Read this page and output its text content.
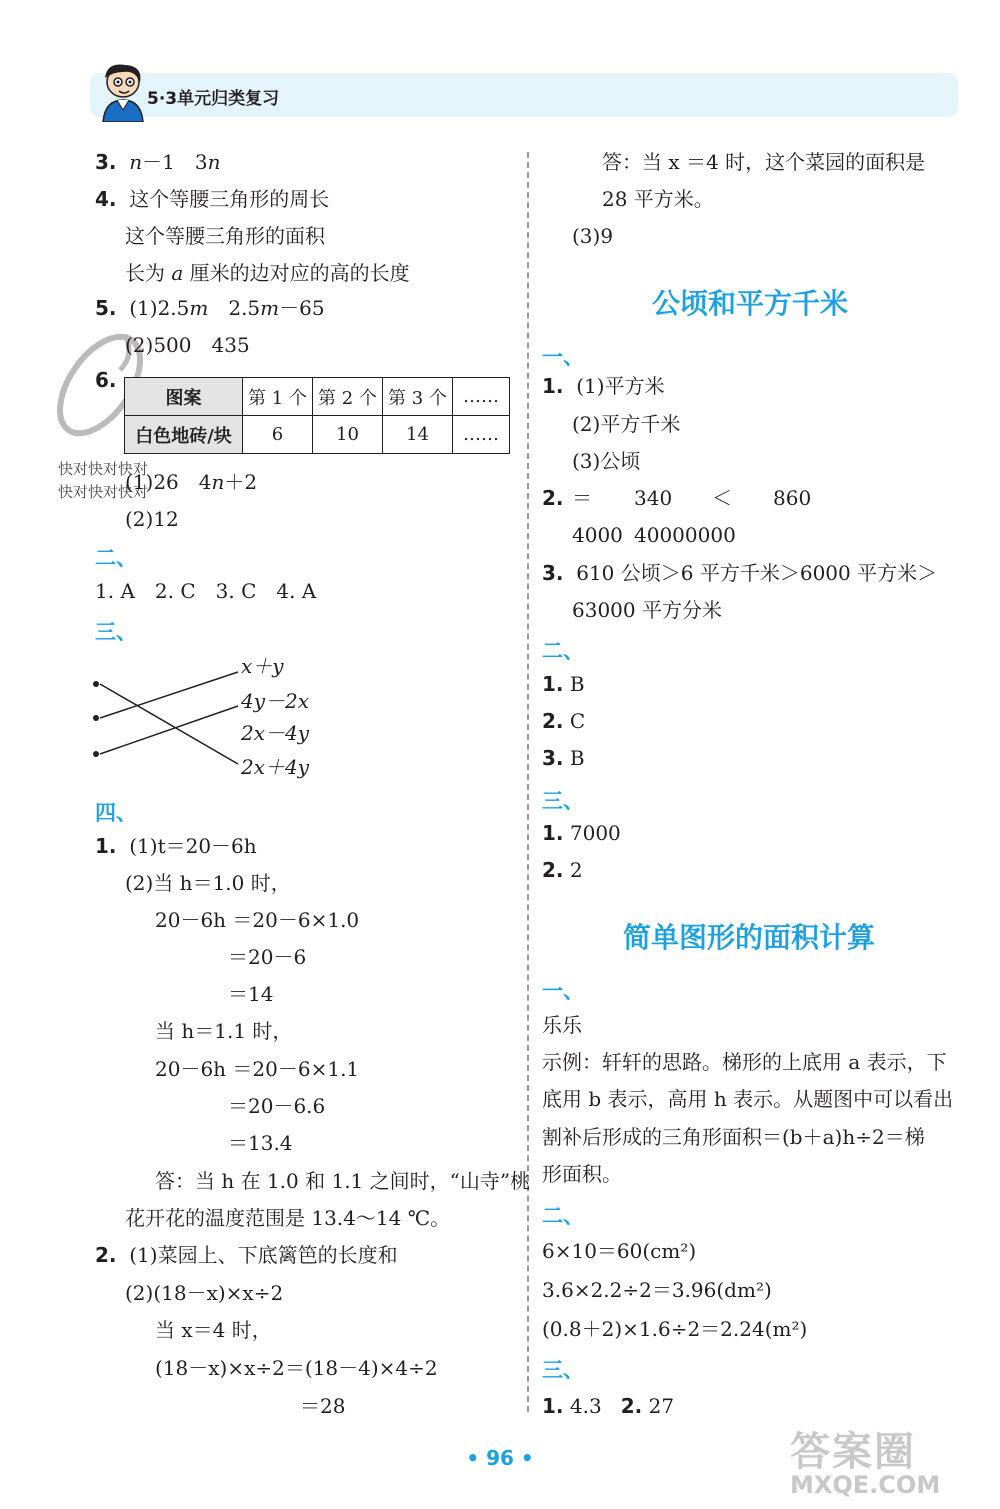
5·3单元归类复习
快对快对快对
快对快对快对
3. n－1　3n
4. 这个等腰三角形的周长
这个等腰三角形的面积
长为 a 厘米的边对应的高的长度
5. (1)2.5m　2.5m－65
(2)500　435
6.
图案	第 1 个	第 2 个	第 3 个	……
白色地砖/块	6	10	14	……
(1)26　4n＋2
(2)12
二、
1. A　2. C　3. C　4. A
三、
x＋y
4y－2x
2x－4y
2x＋4y
四、
1. (1)t＝20－6h
(2)当 h＝1.0 时，
20－6h ＝20－6×1.0
＝20－6
＝14
当 h＝1.1 时，
20－6h ＝20－6×1.1
＝20－6.6
＝13.4
答：当 h 在 1.0 和 1.1 之间时，“山寺”桃
花开花的温度范围是 13.4～14 ℃。
2. (1)菜园上、下底篱笆的长度和
(2)(18－x)×x÷2
当 x＝4 时，
(18－x)×x÷2＝(18－4)×4÷2
＝28
答：当 x ＝4 时，这个菜园的面积是
28 平方米。
(3)9
公顷和平方千米
一、
1. (1)平方米
(2)平方千米
(3)公顷
2. ＝ 340 ＜ 860
4000 40000000
3. 610 公顷＞6 平方千米＞6000 平方米＞
63000 平方分米
二、
1. B
2. C
3. B
三、
1. 7000
2. 2
简单图形的面积计算
一、
乐乐
示例：轩轩的思路。梯形的上底用 a 表示，下
底用 b 表示，高用 h 表示。从题图中可以看出
割补后形成的三角形面积＝(b＋a)h÷2＝梯
形面积。
二、
6×10＝60(cm²)
3.6×2.2÷2＝3.96(dm²)
(0.8＋2)×1.6÷2＝2.24(m²)
三、
1. 4.3 2. 27
• 96 •	答案圈
MXQE.COM
